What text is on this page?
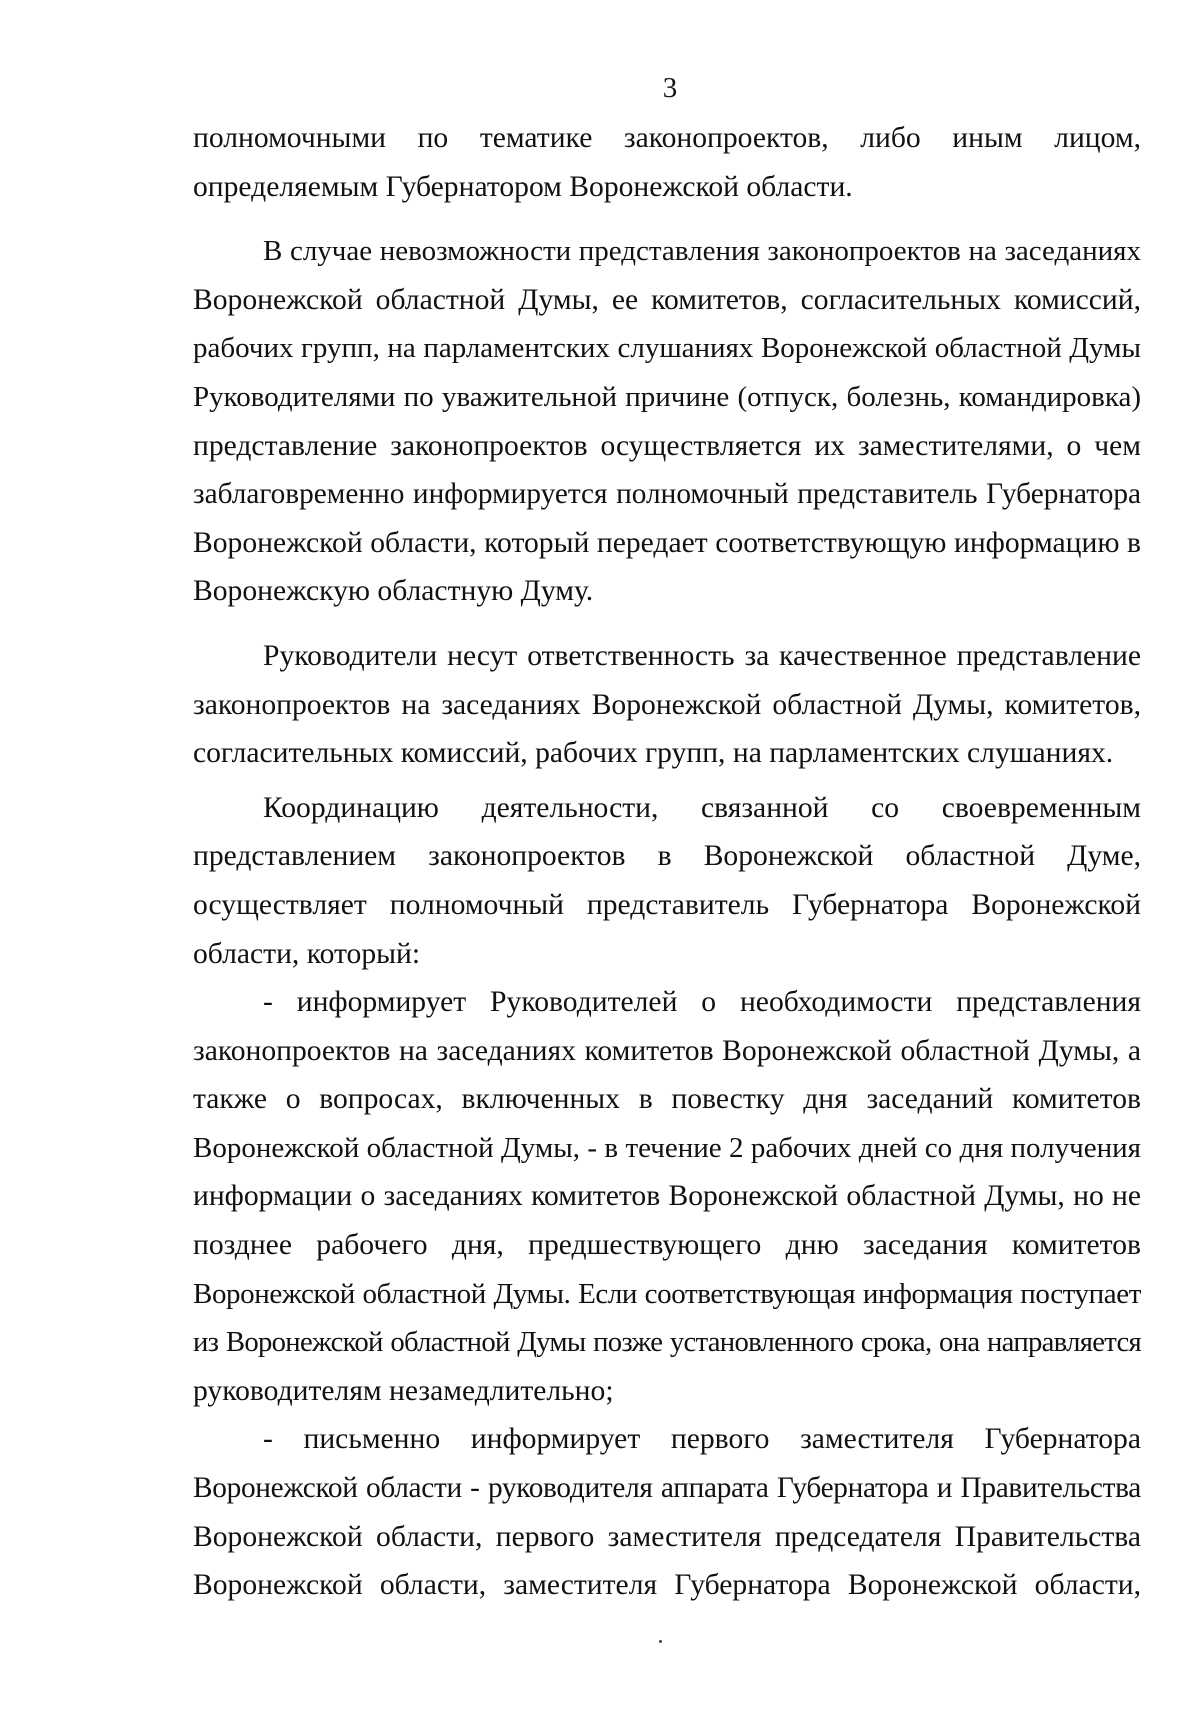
3
полномочными по тематике законопроектов, либо иным лицом,
определяемым Губернатором Воронежской области.
В случае невозможности представления законопроектов на заседаниях
Воронежской областной Думы, ее комитетов, согласительных комиссий,
рабочих групп, на парламентских слушаниях Воронежской областной Думы
Руководителями по уважительной причине (отпуск, болезнь, командировка)
представление законопроектов осуществляется их заместителями, о чем
заблаговременно информируется полномочный представитель Губернатора
Воронежской области, который передает соответствующую информацию в
Воронежскую областную Думу.
Руководители несут ответственность за качественное представление
законопроектов на заседаниях Воронежской областной Думы, комитетов,
согласительных комиссий, рабочих групп, на парламентских слушаниях.
Координацию деятельности, связанной со своевременным
представлением законопроектов в Воронежской областной Думе,
осуществляет полномочный представитель Губернатора Воронежской
области, который:
- информирует Руководителей о необходимости представления
законопроектов на заседаниях комитетов Воронежской областной Думы, а
также о вопросах, включенных в повестку дня заседаний комитетов
Воронежской областной Думы, - в течение 2 рабочих дней со дня получения
информации о заседаниях комитетов Воронежской областной Думы, но не
позднее рабочего дня, предшествующего дню заседания комитетов
Воронежской областной Думы. Если соответствующая информация поступает
из Воронежской областной Думы позже установленного срока, она направляется
руководителям незамедлительно;
- письменно информирует первого заместителя Губернатора
Воронежской области - руководителя аппарата Губернатора и Правительства
Воронежской области, первого заместителя председателя Правительства
Воронежской области, заместителя Губернатора Воронежской области,
